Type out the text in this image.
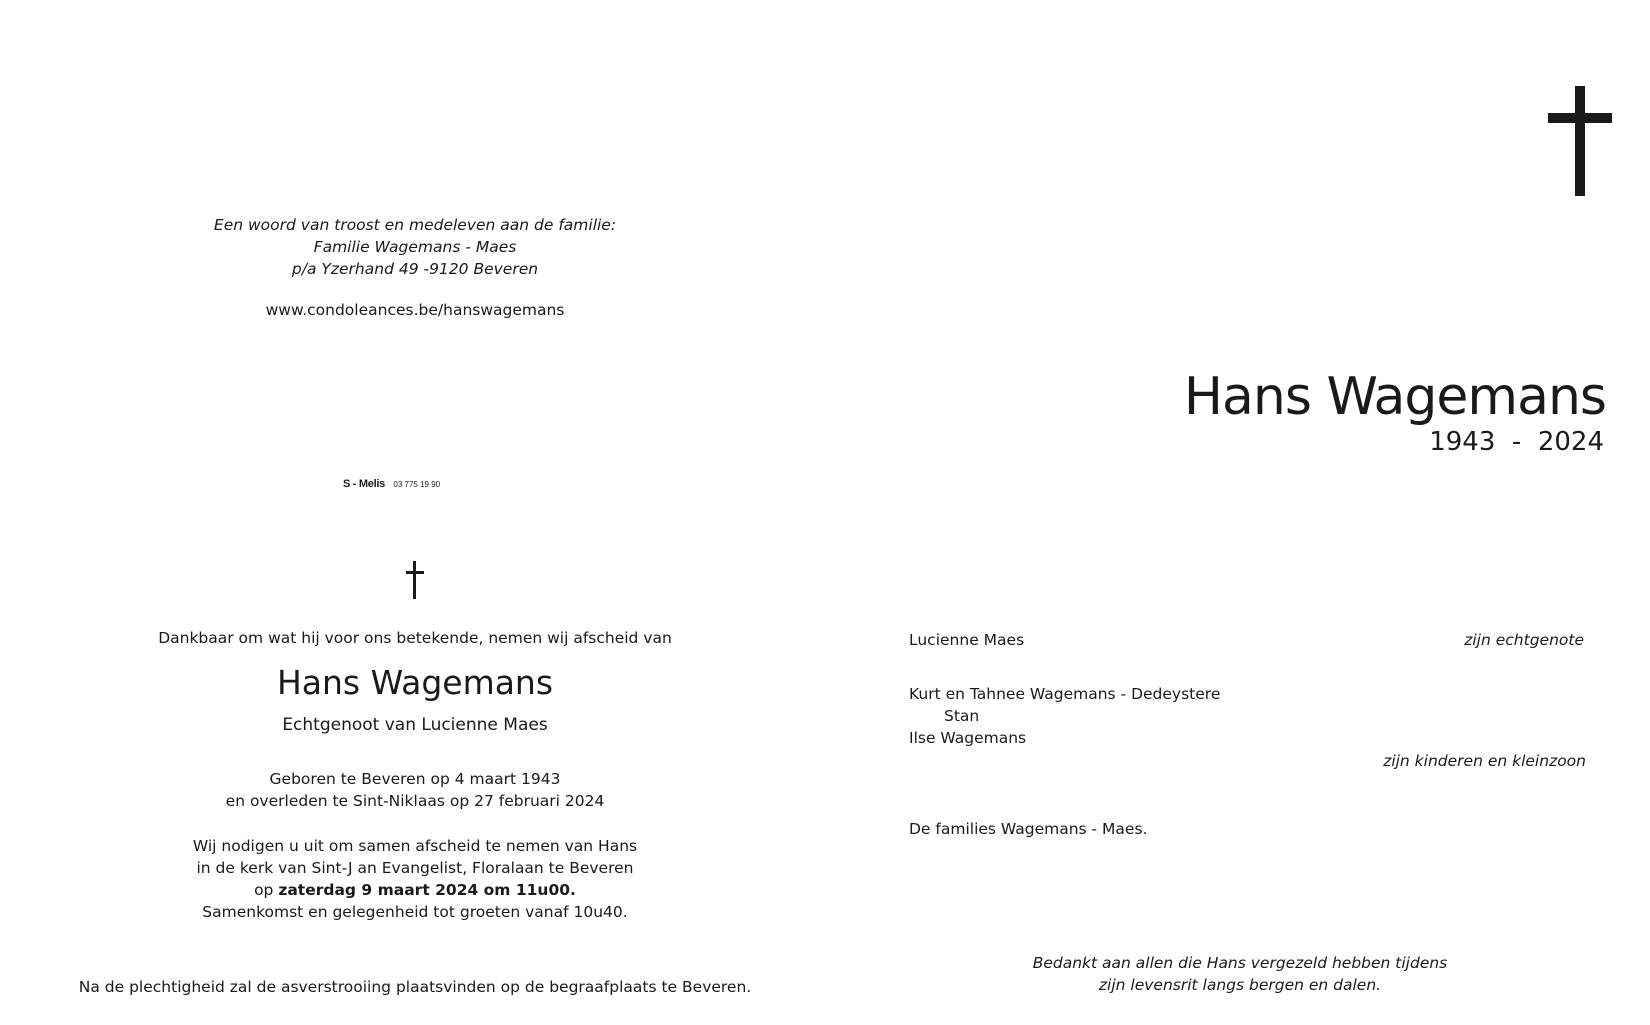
Een woord van troost en medeleven aan de familie:
Familie Wagemans - Maes
p/a Yzerhand 49 -9120 Beveren
www.condoleances.be/hanswagemans
S - Melis 03 775 19 90
Hans Wagemans
1943  -  2024
Dankbaar om wat hij voor ons betekende, nemen wij afscheid van
Hans Wagemans
Echtgenoot van Lucienne Maes
Geboren te Beveren op 4 maart 1943
en overleden te Sint-Niklaas op 27 februari 2024
Wij nodigen u uit om samen afscheid te nemen van Hans
in de kerk van Sint-J an Evangelist, Floralaan te Beveren
op zaterdag 9 maart 2024 om 11u00.
Samenkomst en gelegenheid tot groeten vanaf 10u40.
Na de plechtigheid zal de asverstrooiing plaatsvinden op de begraafplaats te Beveren.
Lucienne Maes	zijn echtgenote
Kurt en Tahnee Wagemans - Dedeystere
Stan
Ilse Wagemans
zijn kinderen en kleinzoon
De families Wagemans - Maes.
Bedankt aan allen die Hans vergezeld hebben tijdens
zijn levensrit langs bergen en dalen.
